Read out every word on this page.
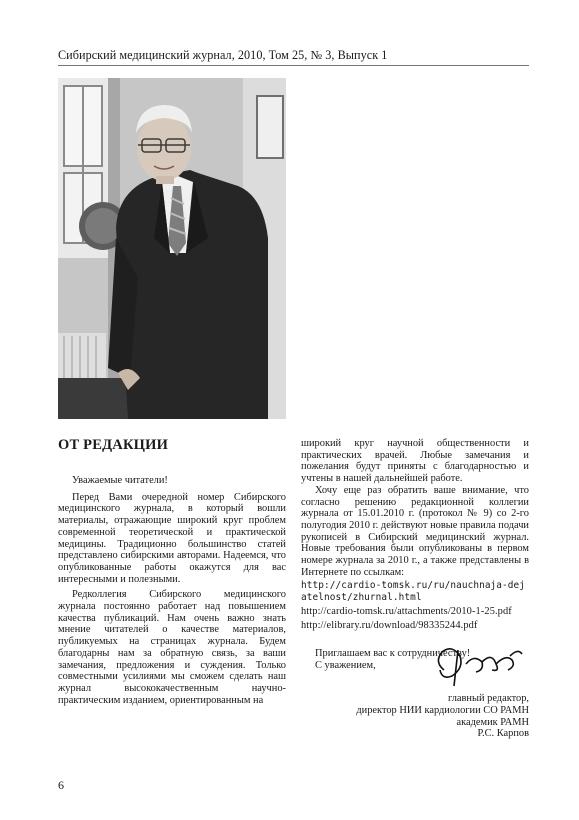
Сибирский медицинский журнал, 2010, Том 25, № 3, Выпуск 1
ОТ РЕДАКЦИИ

Уважаемые читатели!

Перед Вами очередной номер Сибирского медицинского журнала, в который вошли материалы, отражающие широкий круг проблем современной теоретической и практической медицины. Традиционно большинство статей представлено сибирскими авторами. Надеемся, что опубликованные работы окажутся для вас интересными и полезными.

Редколлегия Сибирского медицинского журнала постоянно работает над повышением качества публикаций. Нам очень важно знать мнение читателей о качестве материалов, публикуемых на страницах журнала. Будем благодарны нам за обратную связь, за ваши замечания, предложения и суждения. Только совместными усилиями мы сможем сделать наш журнал высококачественным научно-практическим изданием, ориентированным на

широкий круг научной общественности и практических врачей. Любые замечания и пожелания будут приняты с благодарностью и учтены в нашей дальнейшей работе.

Хочу еще раз обратить ваше внимание, что согласно решению редакционной коллегии журнала от 15.01.2010 г. (протокол № 9) со 2-го полугодия 2010 г. действуют новые правила подачи рукописей в Сибирский медицинский журнал. Новые требования были опубликованы в первом номере журнала за 2010 г., а также представлены в Интернете по ссылкам:

http://cardio-tomsk.ru/ru/nauchnaja-dejatelnost/zhurnal.html

http://cardio-tomsk.ru/attachments/2010-1-25.pdf

http://elibrary.ru/download/98335244.pdf

Приглашаем вас к сотрудничеству!

С уважением,

главный редактор,
директор НИИ кардиологии СО РАМН
академик РАМН
Р.С. Карпов
6
